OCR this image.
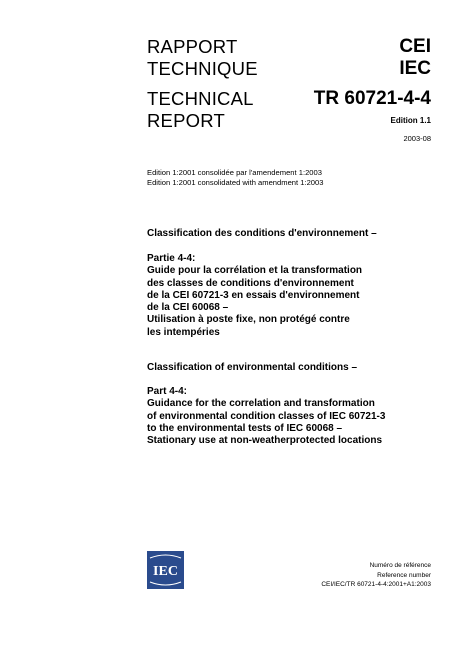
RAPPORT
TECHNIQUE
TECHNICAL
REPORT
CEI
IEC
TR 60721-4-4
Edition 1.1
2003-08
Edition 1:2001 consolidée par l'amendement 1:2003
Edition 1:2001 consolidated with amendment 1:2003
Classification des conditions d'environnement –
Partie 4-4:
Guide pour la corrélation et la transformation
des classes de conditions d'environnement
de la CEI 60721-3 en essais d'environnement
de la CEI 60068 –
Utilisation à poste fixe, non protégé contre
les intempéries
Classification of environmental conditions –
Part 4-4:
Guidance for the correlation and transformation
of environmental condition classes of IEC 60721-3
to the environmental tests of IEC 60068 –
Stationary use at non-weatherprotected locations
IEC	Numéro de référence
Reference number
CEI/IEC/TR 60721-4-4:2001+A1:2003
